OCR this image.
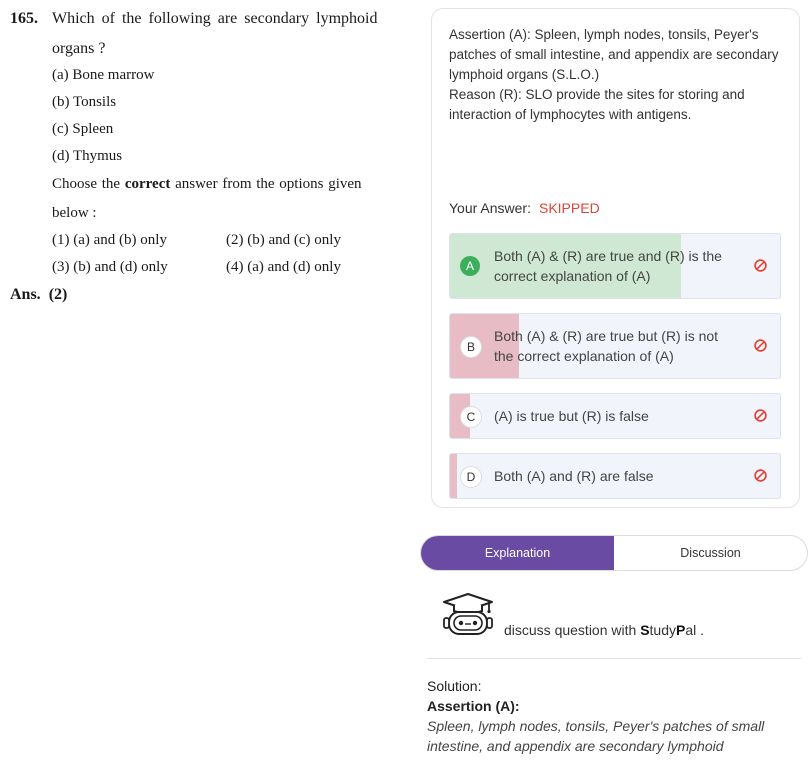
165. Which of the following are secondary lymphoid
organs ?
(a) Bone marrow
(b) Tonsils
(c) Spleen
(d) Thymus
Choose the correct answer from the options given
below :
(1) (a) and (b) only	(2) (b) and (c) only
(3) (b) and (d) only	(4) (a) and (d) only
Ans. (2)
Assertion (A): Spleen, lymph nodes, tonsils, Peyer's patches of small intestine, and appendix are secondary lymphoid organs (S.L.O.)
Reason (R): SLO provide the sites for storing and interaction of lymphocytes with antigens.
Your Answer: SKIPPED
A
Both (A) & (R) are true and (R) is the correct explanation of (A)
B
Both (A) & (R) are true but (R) is not the correct explanation of (A)
C	(A) is true but (R) is false
D	Both (A) and (R) are false
Explanation	Discussion
discuss question with StudyPal .
Solution:
Assertion (A):
Spleen, lymph nodes, tonsils, Peyer's patches of small intestine, and appendix are secondary lymphoid
